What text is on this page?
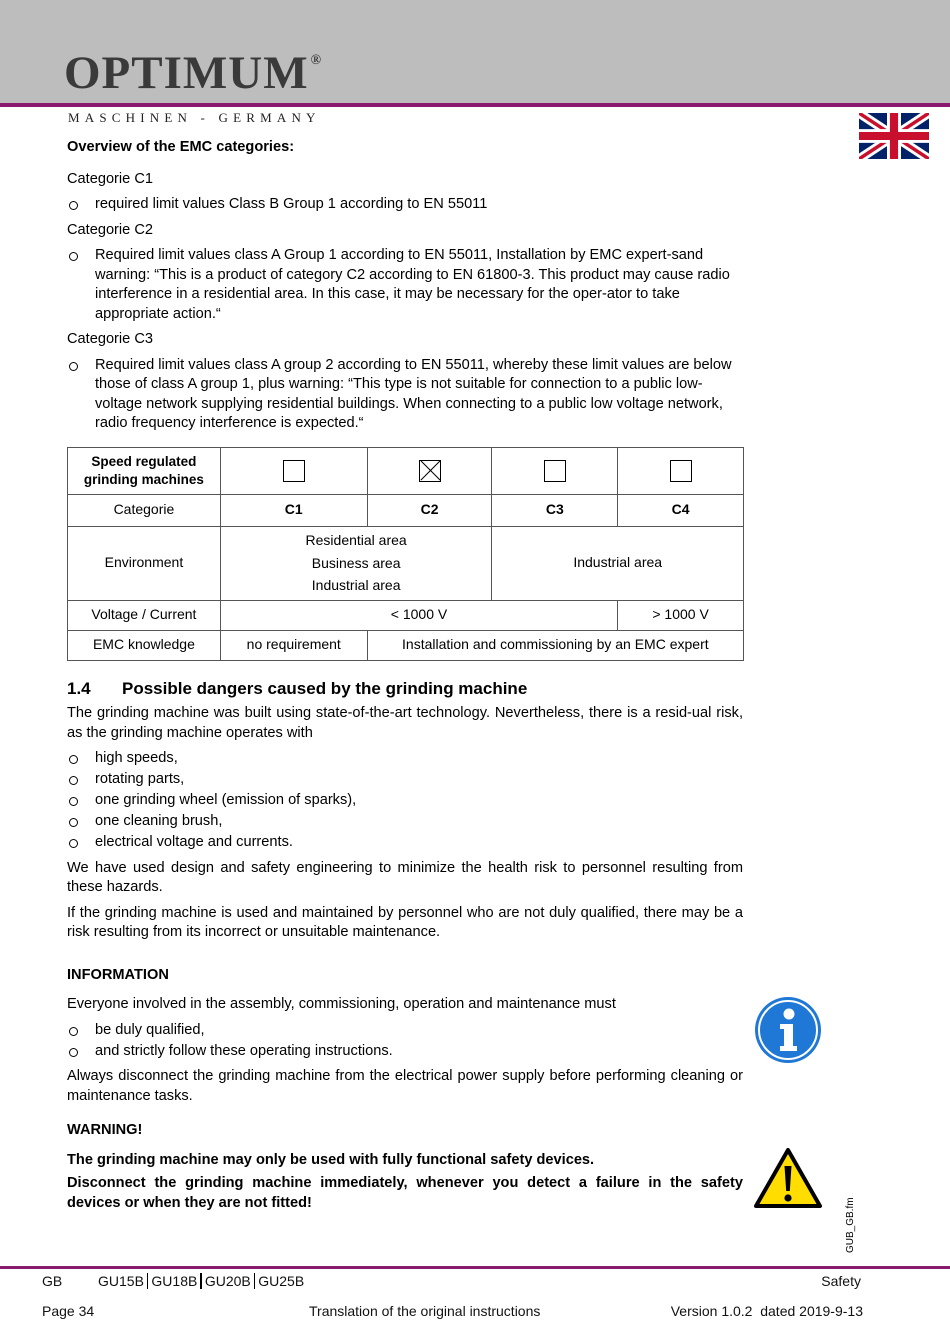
OPTIMUM ®
MASCHINEN - GERMANY

Overview of the EMC categories:

Categorie C1

required limit values Class B Group 1 according to EN 55011

Categorie C2

Required limit values class A Group 1 according to EN 55011, Installation by EMC expert-sand warning: “This is a product of category C2 according to EN 61800-3. This product may cause radio interference in a residential area. In this case, it may be necessary for the oper-ator to take appropriate action.“

Categorie C3

Required limit values class A group 2 according to EN 55011, whereby these limit values are below those of class A group 1, plus warning: “This type is not suitable for connection to a public low-voltage network supplying residential buildings. When connecting to a public low voltage network, radio frequency interference is expected.“
Speed regulated grinding machines				
Categorie	C1	C2	C3	C4
Environment	Residential area
Business area
Industrial area		Industrial area	
Voltage / Current	< 1000 V			> 1000 V
EMC knowledge	no requirement	Installation and commissioning by an EMC expert		

1.4 Possible dangers caused by the grinding machine

The grinding machine was built using state-of-the-art technology. Nevertheless, there is a resid-ual risk, as the grinding machine operates with

high speeds,
rotating parts,
one grinding wheel (emission of sparks),
one cleaning brush,
electrical voltage and currents.

We have used design and safety engineering to minimize the health risk to personnel resulting from these hazards.

If the grinding machine is used and maintained by personnel who are not duly qualified, there may be a risk resulting from its incorrect or unsuitable maintenance.

INFORMATION

Everyone involved in the assembly, commissioning, operation and maintenance must

be duly qualified,
and strictly follow these operating instructions.

Always disconnect the grinding machine from the electrical power supply before performing cleaning or maintenance tasks.

WARNING!

The grinding machine may only be used with fully functional safety devices.

Disconnect the grinding machine immediately, whenever you detect a failure in the safety devices or when they are not fitted!	GUB_GB.fm
GB	GU15B GU18B GU20B GU25B	Safety
Page 34	Translation of the original instructions	Version 1.0.2  dated 2019-9-13
